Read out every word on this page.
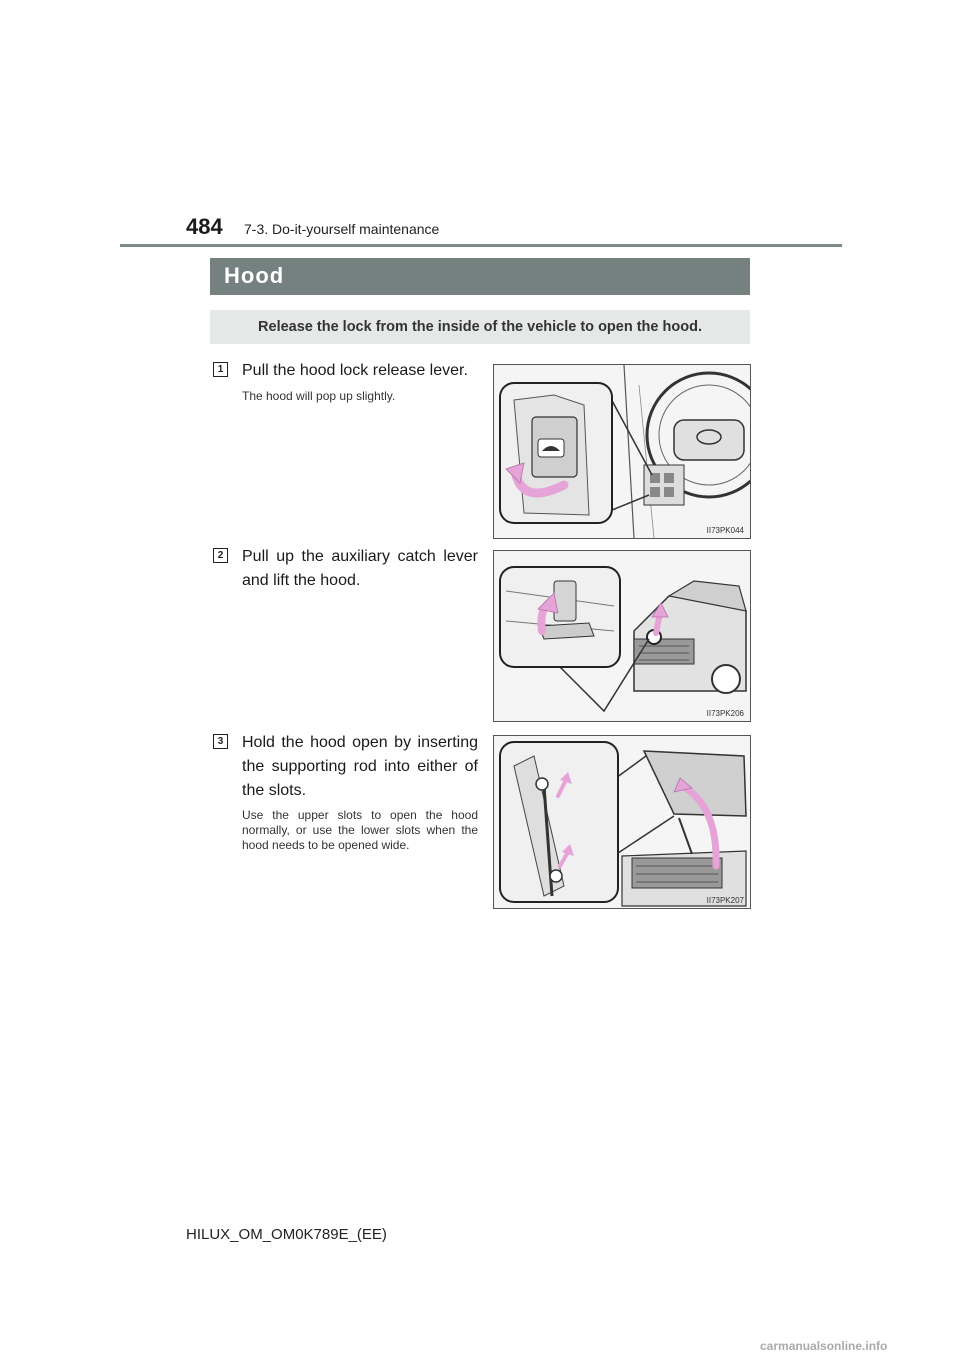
484 7-3. Do-it-yourself maintenance
Hood
Release the lock from the inside of the vehicle to open the hood.
1 Pull the hood lock release lever.
The hood will pop up slightly.
II73PK044
2 Pull up the auxiliary catch lever and lift the hood.
II73PK206
3 Hold the hood open by inserting the supporting rod into either of the slots.
Use the upper slots to open the hood normally, or use the lower slots when the hood needs to be opened wide.
II73PK207
HILUX_OM_OM0K789E_(EE)
carmanualsonline.info
